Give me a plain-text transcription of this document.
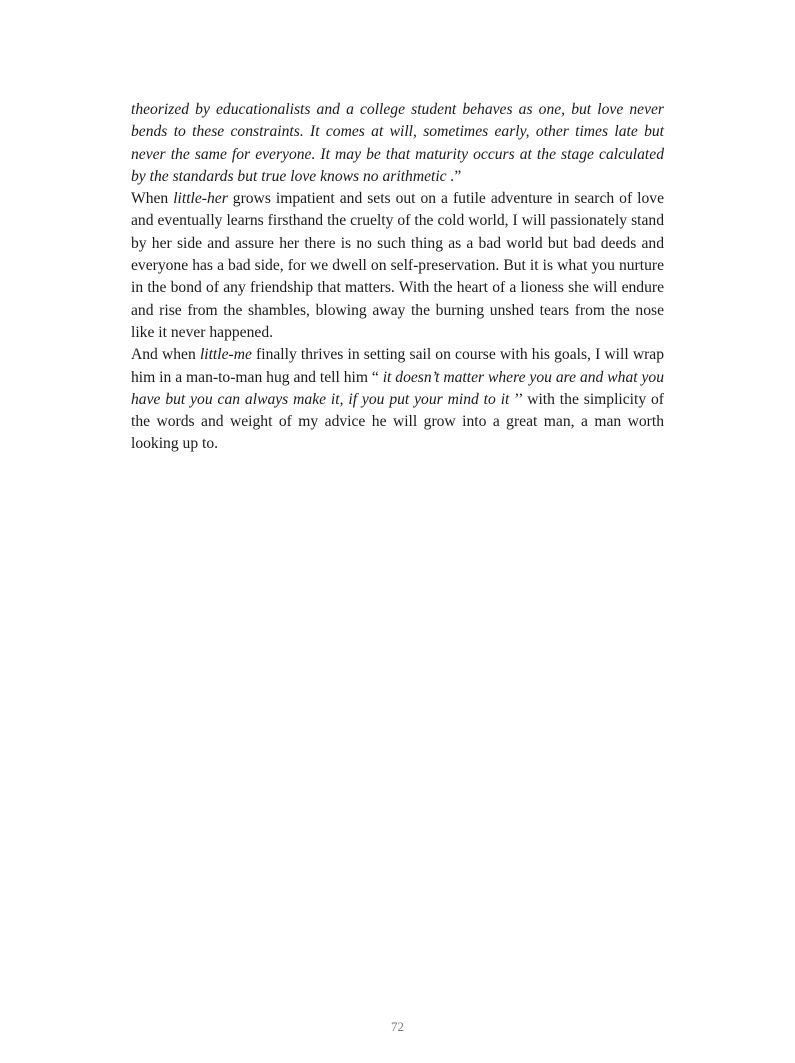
theorized by educationalists and a college student behaves as one, but love never bends to these constraints. It comes at will, sometimes early, other times late but never the same for everyone. It may be that maturity occurs at the stage calculated by the standards but true love knows no arithmetic .”

When little-her grows impatient and sets out on a futile adventure in search of love and eventually learns firsthand the cruelty of the cold world, I will passionately stand by her side and assure her there is no such thing as a bad world but bad deeds and everyone has a bad side, for we dwell on self-preservation. But it is what you nurture in the bond of any friendship that matters. With the heart of a lioness she will endure and rise from the shambles, blowing away the burning unshed tears from the nose like it never happened.

And when little-me finally thrives in setting sail on course with his goals, I will wrap him in a man-to-man hug and tell him “ it doesn’t matter where you are and what you have but you can always make it, if you put your mind to it ’’ with the simplicity of the words and weight of my advice he will grow into a great man, a man worth looking up to.

72
